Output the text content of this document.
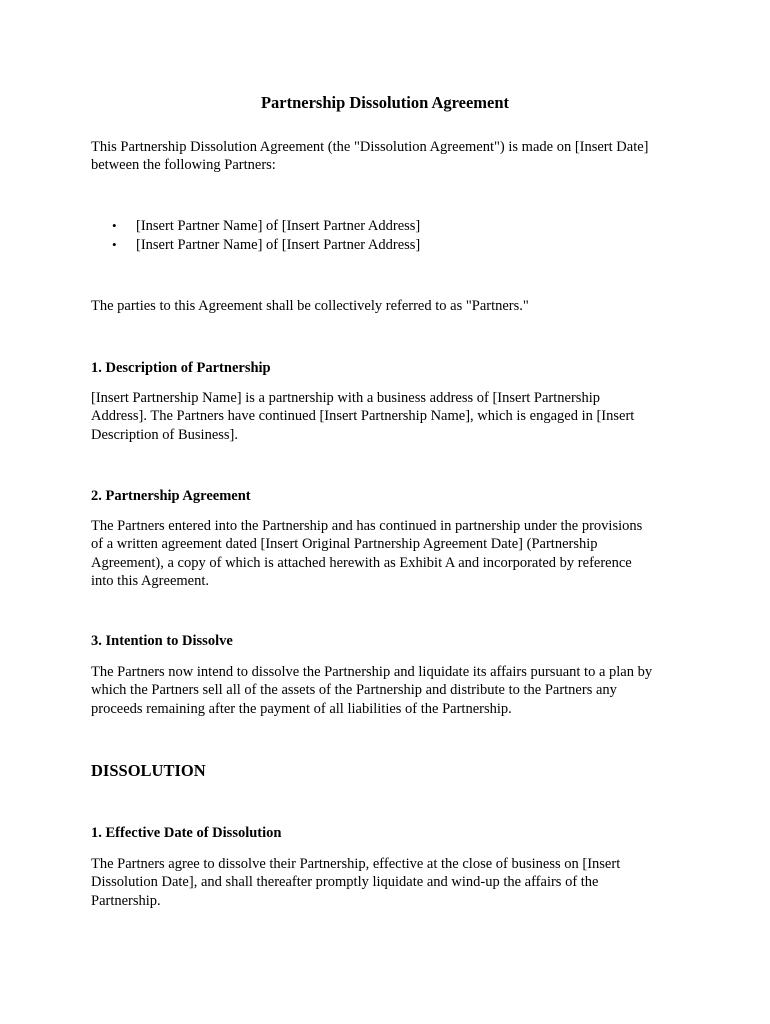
Partnership Dissolution Agreement
This Partnership Dissolution Agreement (the "Dissolution Agreement") is made on [Insert Date]
between the following Partners:
•	[Insert Partner Name] of [Insert Partner Address]
•	[Insert Partner Name] of [Insert Partner Address]
The parties to this Agreement shall be collectively referred to as "Partners."
1. Description of Partnership
[Insert Partnership Name] is a partnership with a business address of [Insert Partnership
Address]. The Partners have continued [Insert Partnership Name], which is engaged in [Insert
Description of Business].
2. Partnership Agreement
The Partners entered into the Partnership and has continued in partnership under the provisions
of a written agreement dated [Insert Original Partnership Agreement Date] (Partnership
Agreement), a copy of which is attached herewith as Exhibit A and incorporated by reference
into this Agreement.
3. Intention to Dissolve
The Partners now intend to dissolve the Partnership and liquidate its affairs pursuant to a plan by
which the Partners sell all of the assets of the Partnership and distribute to the Partners any
proceeds remaining after the payment of all liabilities of the Partnership.
DISSOLUTION
1. Effective Date of Dissolution
The Partners agree to dissolve their Partnership, effective at the close of business on [Insert
Dissolution Date], and shall thereafter promptly liquidate and wind-up the affairs of the
Partnership.
